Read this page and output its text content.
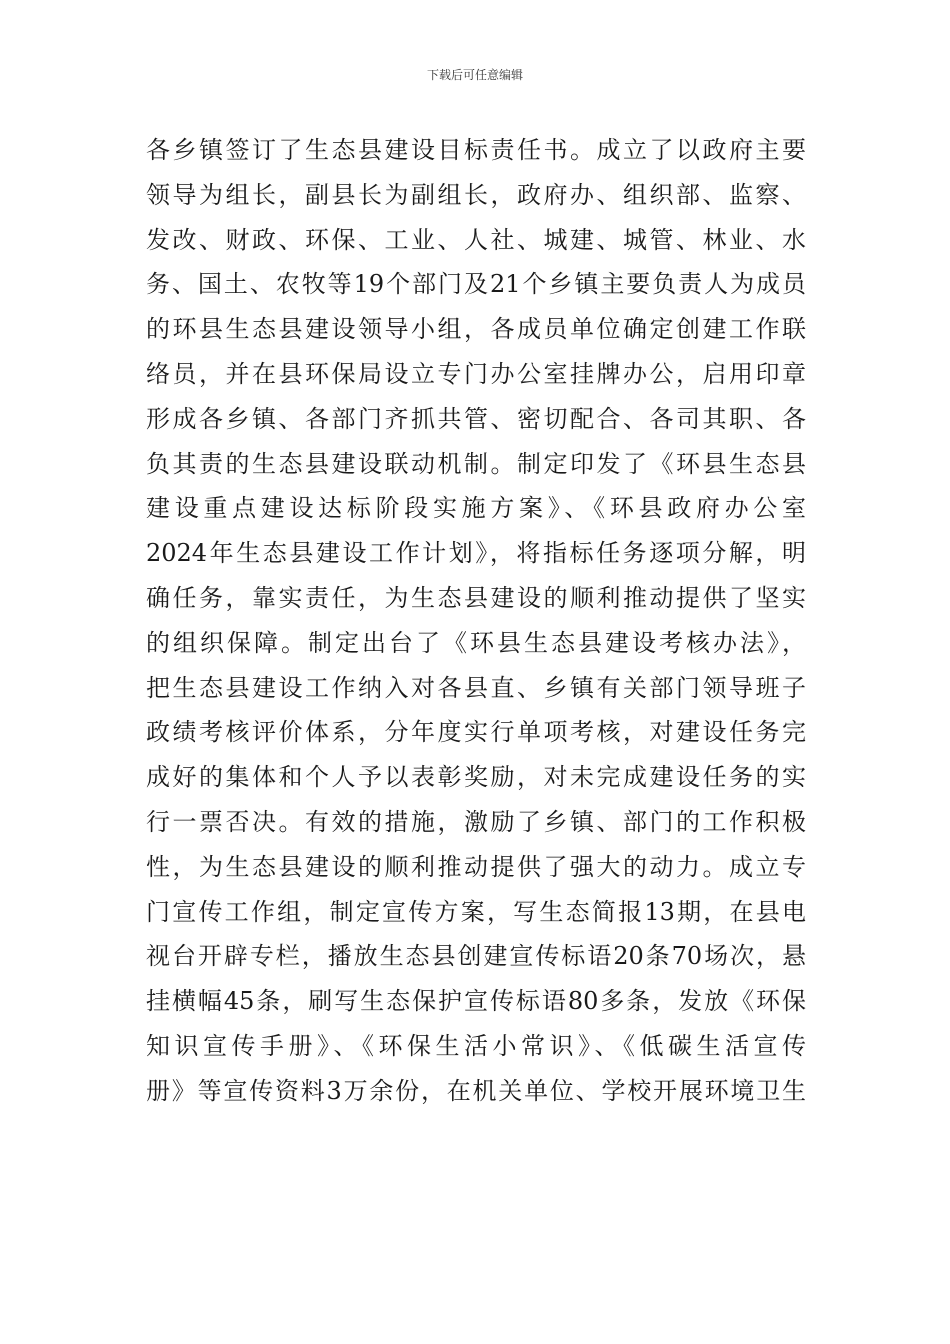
下载后可任意编辑
各乡镇签订了生态县建设目标责任书。成立了以政府主要
领导为组长，副县长为副组长，政府办、组织部、监察、
发改、财政、环保、工业、人社、城建、城管、林业、水
务、国土、农牧等19个部门及21个乡镇主要负责人为成员
的环县生态县建设领导小组，各成员单位确定创建工作联
络员，并在县环保局设立专门办公室挂牌办公，启用印章
形成各乡镇、各部门齐抓共管、密切配合、各司其职、各
负其责的生态县建设联动机制。制定印发了《环县生态县
建设重点建设达标阶段实施方案》、《环县政府办公室
2024年生态县建设工作计划》，将指标任务逐项分解，明
确任务，靠实责任，为生态县建设的顺利推动提供了坚实
的组织保障。制定出台了《环县生态县建设考核办法》，
把生态县建设工作纳入对各县直、乡镇有关部门领导班子
政绩考核评价体系，分年度实行单项考核，对建设任务完
成好的集体和个人予以表彰奖励，对未完成建设任务的实
行一票否决。有效的措施，激励了乡镇、部门的工作积极
性，为生态县建设的顺利推动提供了强大的动力。成立专
门宣传工作组，制定宣传方案，写生态简报13期，在县电
视台开辟专栏，播放生态县创建宣传标语20条70场次，悬
挂横幅45条，刷写生态保护宣传标语80多条，发放《环保
知识宣传手册》、《环保生活小常识》、《低碳生活宣传
册》等宣传资料3万余份，在机关单位、学校开展环境卫生
